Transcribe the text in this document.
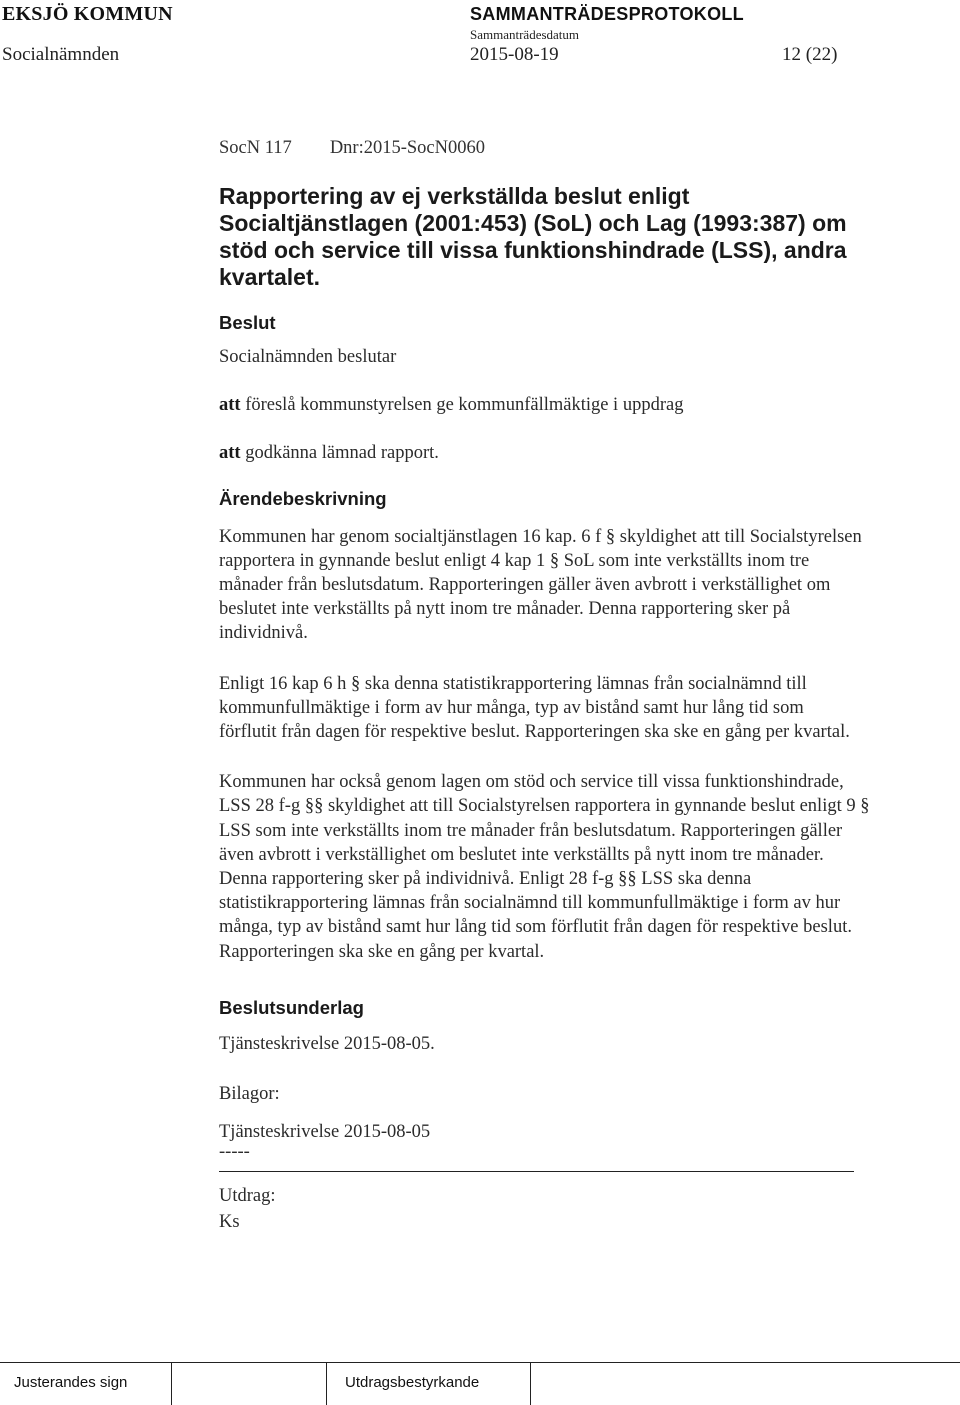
EKSJÖ KOMMUN	SAMMANTRÄDESPROTOKOLL
Sammanträdesdatum
Socialnämnden	2015-08-19	12 (22)
SocN 117 Dnr:2015-SocN0060
Rapportering av ej verkställda beslut enligt
Socialtjänstlagen (2001:453) (SoL) och Lag (1993:387) om
stöd och service till vissa funktionshindrade (LSS), andra
kvartalet.
Beslut

Socialnämnden beslutar

att föreslå kommunstyrelsen ge kommunfällmäktige i uppdrag

att godkänna lämnad rapport.

Ärendebeskrivning
Kommunen har genom socialtjänstlagen 16 kap. 6 f § skyldighet att till Socialstyrelsen
rapportera in gynnande beslut enligt 4 kap 1 § SoL som inte verkställts inom tre
månader från beslutsdatum. Rapporteringen gäller även avbrott i verkställighet om
beslutet inte verkställts på nytt inom tre månader. Denna rapportering sker på
individnivå.
Enligt 16 kap 6 h § ska denna statistikrapportering lämnas från socialnämnd till
kommunfullmäktige i form av hur många, typ av bistånd samt hur lång tid som
förflutit från dagen för respektive beslut. Rapporteringen ska ske en gång per kvartal.
Kommunen har också genom lagen om stöd och service till vissa funktionshindrade,
LSS 28 f-g §§ skyldighet att till Socialstyrelsen rapportera in gynnande beslut enligt 9 §
LSS som inte verkställts inom tre månader från beslutsdatum. Rapporteringen gäller
även avbrott i verkställighet om beslutet inte verkställts på nytt inom tre månader.
Denna rapportering sker på individnivå. Enligt 28 f-g §§ LSS ska denna
statistikrapportering lämnas från socialnämnd till kommunfullmäktige i form av hur
många, typ av bistånd samt hur lång tid som förflutit från dagen för respektive beslut.
Rapporteringen ska ske en gång per kvartal.
Beslutsunderlag

Tjänsteskrivelse 2015-08-05.

Bilagor:

Tjänsteskrivelse 2015-08-05

-----

Utdrag:

Ks

Justerandes sign	Utdragsbestyrkande
